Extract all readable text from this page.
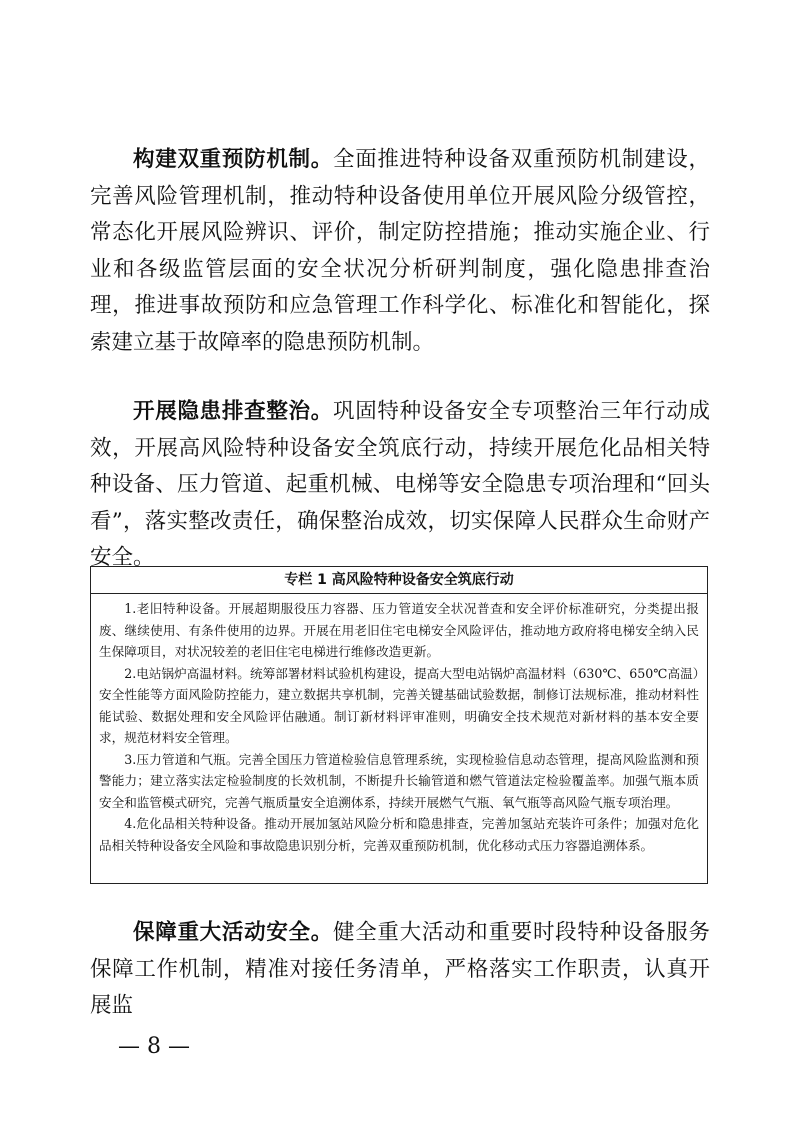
构建双重预防机制。全面推进特种设备双重预防机制建设，完善风险管理机制，推动特种设备使用单位开展风险分级管控，常态化开展风险辨识、评价，制定防控措施；推动实施企业、行业和各级监管层面的安全状况分析研判制度，强化隐患排查治理，推进事故预防和应急管理工作科学化、标准化和智能化，探索建立基于故障率的隐患预防机制。

开展隐患排查整治。巩固特种设备安全专项整治三年行动成效，开展高风险特种设备安全筑底行动，持续开展危化品相关特种设备、压力管道、起重机械、电梯等安全隐患专项治理和“回头看”，落实整改责任，确保整治成效，切实保障人民群众生命财产安全。

专栏 1 高风险特种设备安全筑底行动

1.老旧特种设备。开展超期服役压力容器、压力管道安全状况普查和安全评价标准研究，分类提出报废、继续使用、有条件使用的边界。开展在用老旧住宅电梯安全风险评估，推动地方政府将电梯安全纳入民生保障项目，对状况较差的老旧住宅电梯进行维修改造更新。

2.电站锅炉高温材料。统筹部署材料试验机构建设，提高大型电站锅炉高温材料（630℃、650℃高温）安全性能等方面风险防控能力，建立数据共享机制，完善关键基础试验数据，制修订法规标准，推动材料性能试验、数据处理和安全风险评估融通。制订新材料评审准则，明确安全技术规范对新材料的基本安全要求，规范材料安全管理。

3.压力管道和气瓶。完善全国压力管道检验信息管理系统，实现检验信息动态管理，提高风险监测和预警能力；建立落实法定检验制度的长效机制，不断提升长输管道和燃气管道法定检验覆盖率。加强气瓶本质安全和监管模式研究，完善气瓶质量安全追溯体系，持续开展燃气气瓶、氧气瓶等高风险气瓶专项治理。

4.危化品相关特种设备。推动开展加氢站风险分析和隐患排查，完善加氢站充装许可条件；加强对危化品相关特种设备安全风险和事故隐患识别分析，完善双重预防机制，优化移动式压力容器追溯体系。

保障重大活动安全。健全重大活动和重要时段特种设备服务保障工作机制，精准对接任务清单，严格落实工作职责，认真开展监

— 8 —
